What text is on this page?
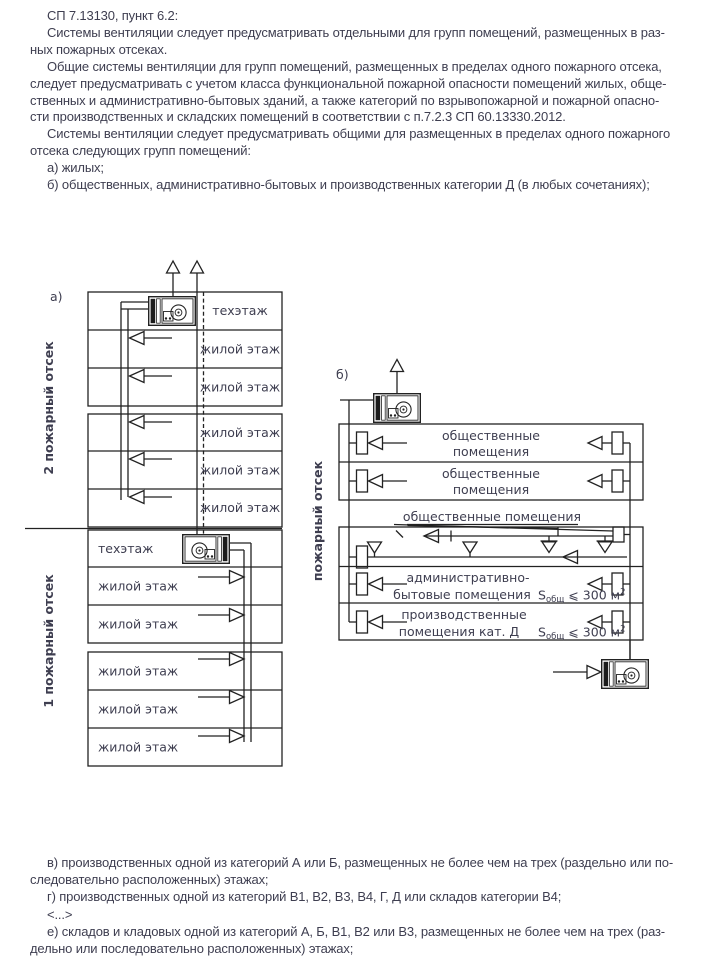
СП 7.13130, пункт 6.2:
Системы вентиляции следует предусматривать отдельными для групп помещений, размещенных в раз-
ных пожарных отсеках.
Общие системы вентиляции для групп помещений, размещенных в пределах одного пожарного отсека,
следует предусматривать с учетом класса функциональной пожарной опасности помещений жилых, обще-
ственных и административно-бытовых зданий, а также категорий по взрывопожарной и пожарной опасно-
сти производственных и складских помещений в соответствии с п.7.2.3 СП 60.13330.2012.
Системы вентиляции следует предусматривать общими для размещенных в пределах одного пожарного
отсека следующих групп помещений:
а) жилых;
б) общественных, административно-бытовых и производственных категории Д (в любых сочетаниях);
а)
техэтаж
жилой этаж
жилой этаж
жилой этаж
жилой этаж
жилой этаж
техэтаж
жилой этаж
жилой этаж
жилой этаж
жилой этаж
жилой этаж
2 пожарный отсек
1 пожарный отсек
б)
общественные
помещения
общественные
помещения
общественные помещения
административно-
бытовые помещения $S_{общ}$ ⩽ 300 $м^2$
производственные
помещения кат. Д $S_{общ}$ ⩽ 300 $м^2$
пожарный отсек
в) производственных одной из категорий А или Б, размещенных не более чем на трех (раздельно или по-
следовательно расположенных) этажах;
г) производственных одной из категорий В1, В2, В3, В4, Г, Д или складов категории В4;
<...>
е) складов и кладовых одной из категорий А, Б, В1, В2 или В3, размещенных не более чем на трех (раз-
дельно или последовательно расположенных) этажах;
